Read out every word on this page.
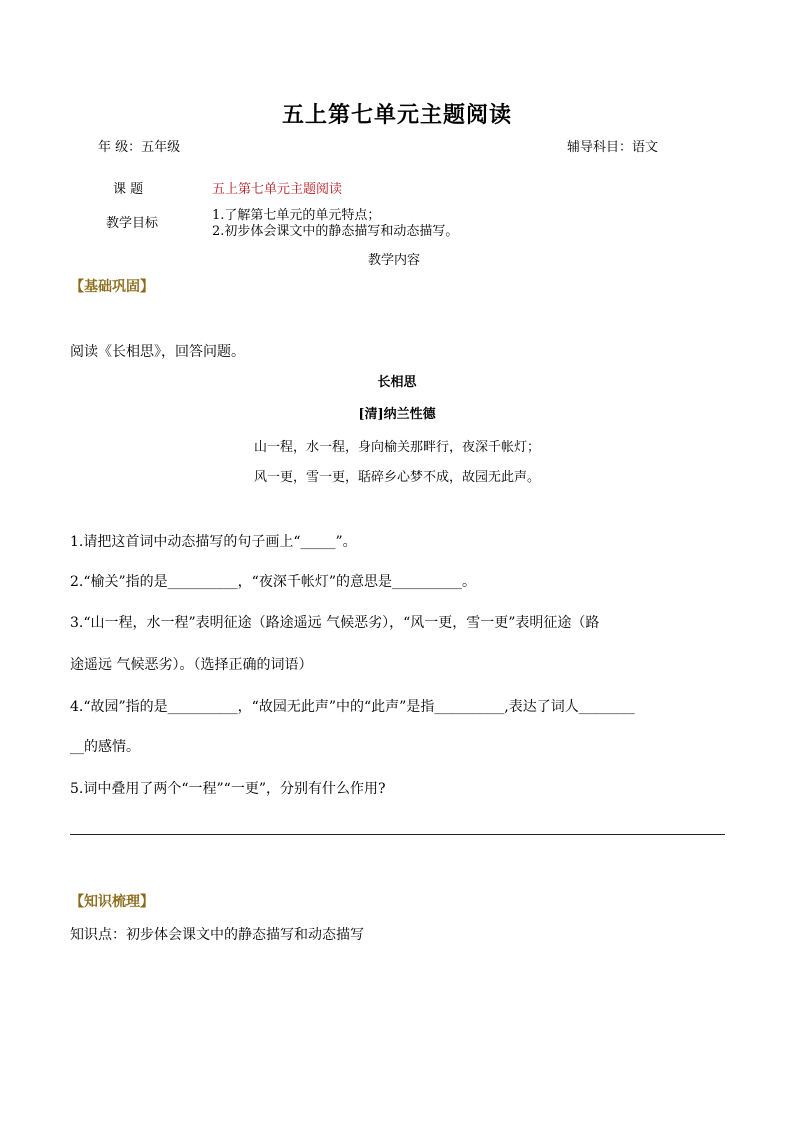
五上第七单元主题阅读
年 级：五年级	辅导科目：语文
课 题	五上第七单元主题阅读
教学目标
1.了解第七单元的单元特点；
2.初步体会课文中的静态描写和动态描写。
教学内容
【基础巩固】
阅读《长相思》，回答问题。
长相思
[清]纳兰性德
山一程，水一程，身向榆关那畔行，夜深千帐灯；
风一更，雪一更，聒碎乡心梦不成，故园无此声。
1.请把这首词中动态描写的句子画上“_____”。
2.“榆关”指的是__________，“夜深千帐灯”的意思是__________。
3.“山一程，水一程”表明征途（路途遥远 气候恶劣），“风一更，雪一更”表明征途（路
途遥远 气候恶劣）。（选择正确的词语）
4.“故园”指的是__________，“故园无此声”中的“此声”是指__________,表达了词人________
__的感情。
5.词中叠用了两个“一程”“一更”，分别有什么作用?
【知识梳理】
知识点：初步体会课文中的静态描写和动态描写
